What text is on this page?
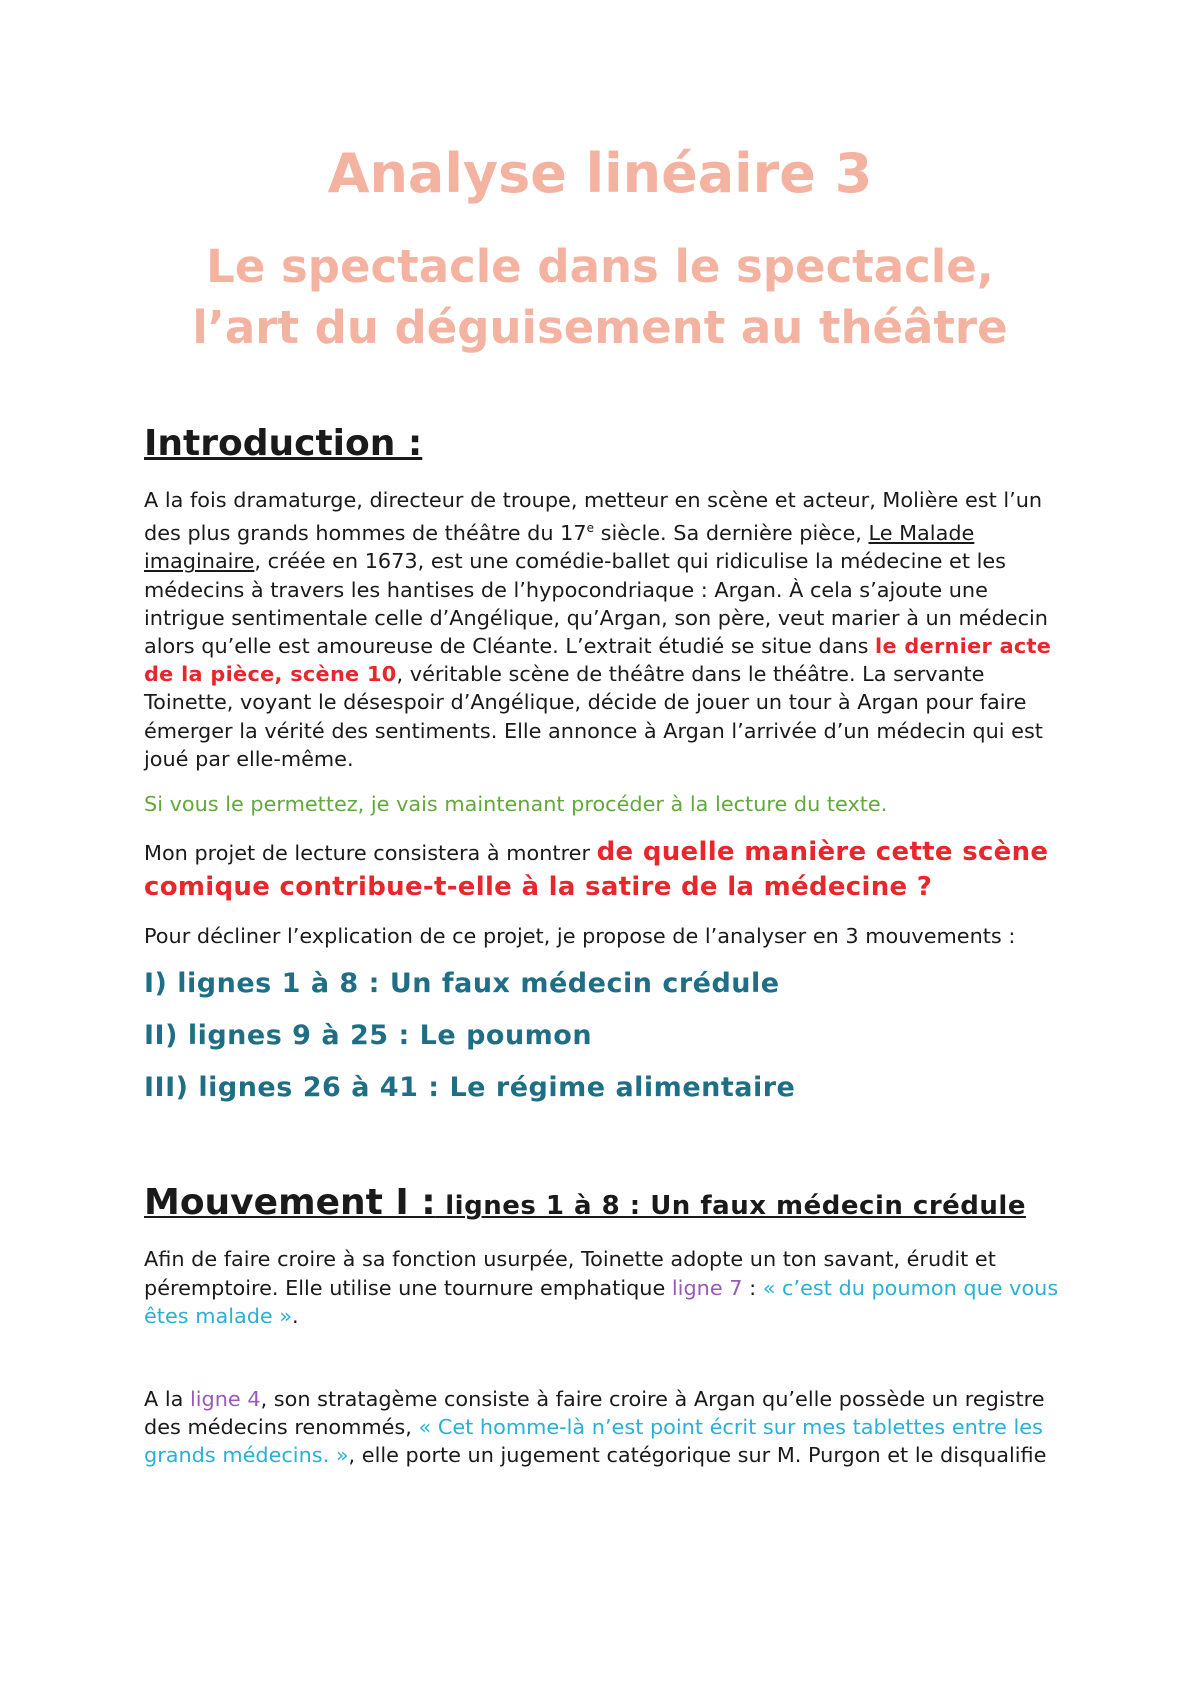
Analyse linéaire 3
Le spectacle dans le spectacle,
l’art du déguisement au théâtre
Introduction :

A la fois dramaturge, directeur de troupe, metteur en scène et acteur, Molière est l’un des plus grands hommes de théâtre du 17e siècle. Sa dernière pièce, Le Malade imaginaire, créée en 1673, est une comédie-ballet qui ridiculise la médecine et les médecins à travers les hantises de l’hypocondriaque : Argan. À cela s’ajoute une intrigue sentimentale celle d’Angélique, qu’Argan, son père, veut marier à un médecin alors qu’elle est amoureuse de Cléante. L’extrait étudié se situe dans le dernier acte de la pièce, scène 10, véritable scène de théâtre dans le théâtre. La servante Toinette, voyant le désespoir d’Angélique, décide de jouer un tour à Argan pour faire émerger la vérité des sentiments. Elle annonce à Argan l’arrivée d’un médecin qui est joué par elle-même.

Si vous le permettez, je vais maintenant procéder à la lecture du texte.

Mon projet de lecture consistera à montrer de quelle manière cette scène comique contribue-t-elle à la satire de la médecine ?

Pour décliner l’explication de ce projet, je propose de l’analyser en 3 mouvements :

I) lignes 1 à 8 : Un faux médecin crédule
II) lignes 9 à 25 : Le poumon
III) lignes 26 à 41 : Le régime alimentaire
Mouvement I : lignes 1 à 8 : Un faux médecin crédule

Afin de faire croire à sa fonction usurpée, Toinette adopte un ton savant, érudit et péremptoire. Elle utilise une tournure emphatique ligne 7 : « c’est du poumon que vous êtes malade ».

A la ligne 4, son stratagème consiste à faire croire à Argan qu’elle possède un registre des médecins renommés, « Cet homme-là n’est point écrit sur mes tablettes entre les grands médecins. », elle porte un jugement catégorique sur M. Purgon et le disqualifie
